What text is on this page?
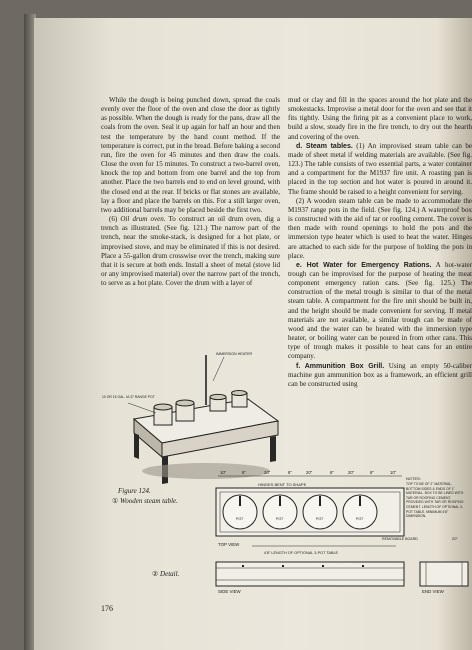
While the dough is being punched down, spread the coals evenly over the floor of the oven and close the door as tightly as possible. When the dough is ready for the pans, draw all the coals from the oven. Seal it up again for half an hour and then test the temperature by the hand count method. If the temperature is correct, put in the bread. Before baking a second run, fire the oven for 45 minutes and then draw the coals. Close the oven for 15 minutes. To construct a two-barrel oven, knock the top and bottom from one barrel and the top from another. Place the two barrels end to end on level ground, with the closed end at the rear. If bricks or flat stones are available, lay a floor and place the barrels on this. For a still larger oven, two additional barrels may be placed beside the first two.

(6) Oil drum oven. To construct an oil drum oven, dig a trench as illustrated. (See fig. 121.) The narrow part of the trench, near the smoke-stack, is designed for a hot plate, or improvised stove, and may be eliminated if this is not desired. Place a 55-gallon drum crosswise over the trench, making sure that it is secure at both ends. Install a sheet of metal (stove lid or any improvised material) over the narrow part of the trench, to serve as a hot plate. Cover the drum with a layer of

mud or clay and fill in the spaces around the hot plate and the smokestacks. Improvise a metal door for the oven and see that it fits tightly. Using the firing pit as a convenient place to work, build a slow, steady fire in the fire trench, to dry out the hearth and covering of the oven.

d. Steam tables. (1) An improvised steam table can be made of sheet metal if welding materials are available. (See fig. 123.) The table consists of two essential parts, a water container and a compartment for the M1937 fire unit. A roasting pan is placed in the top section and hot water is poured in around it. The frame should be raised to a height convenient for serving.

(2) A wooden steam table can be made to accommodate the M1937 range pots in the field. (See fig. 124.) A waterproof box is constructed with the aid of tar or roofing cement. The cover is then made with round openings to hold the pots and the immersion type heater which is used to heat the water. Hinges are attached to each side for the purpose of holding the pots in place.

e. Hot Water for Emergency Rations. A hot-water trough can be improvised for the purpose of heating the meat component emergency ration cans. (See fig. 125.) The construction of the metal trough is similar to that of the metal steam table. A compartment for the fire unit should be built in, and the height should be made convenient for serving. If metal materials are not available, a similar trough can be made of wood and the water can be heated with the immersion type heater, or boiling water can be poured in from other cans. This type of trough makes it possible to heat cans for an entire company.

f. Ammunition Box Grill. Using an empty 50-caliber machine gun ammunition box as a framework, an efficient grill can be constructed using

IMMERSION HEATER
10 OR 15 GAL. M-37 RANGE POT
Figure 124.
① Wooden steam table.
② Detail.
10"	8"	20"	8"	20"	8"	20"	8"	10"
HINGES BENT TO SHAPE
POT	POT	POT	POT
REMOVABLE BOARD
TOP VIEW
4'8" LENGTH OF OPTIONAL 3-POT TABLE
SIDE VIEW
NOTES:
TOP TO BE OF 2" MATERIAL, BOTTOM SIDES & ENDS OF 1" MATERIAL. BOX TO BE LINED WITH TAR OR ROOFING CEMENT. PROVIDED WITH TAR OR ROOFING CEMENT. LENGTH OF OPTIONAL 3-POT TABLE. MINIMUM 4'8" DIMENSION.
20"
END VIEW
176
